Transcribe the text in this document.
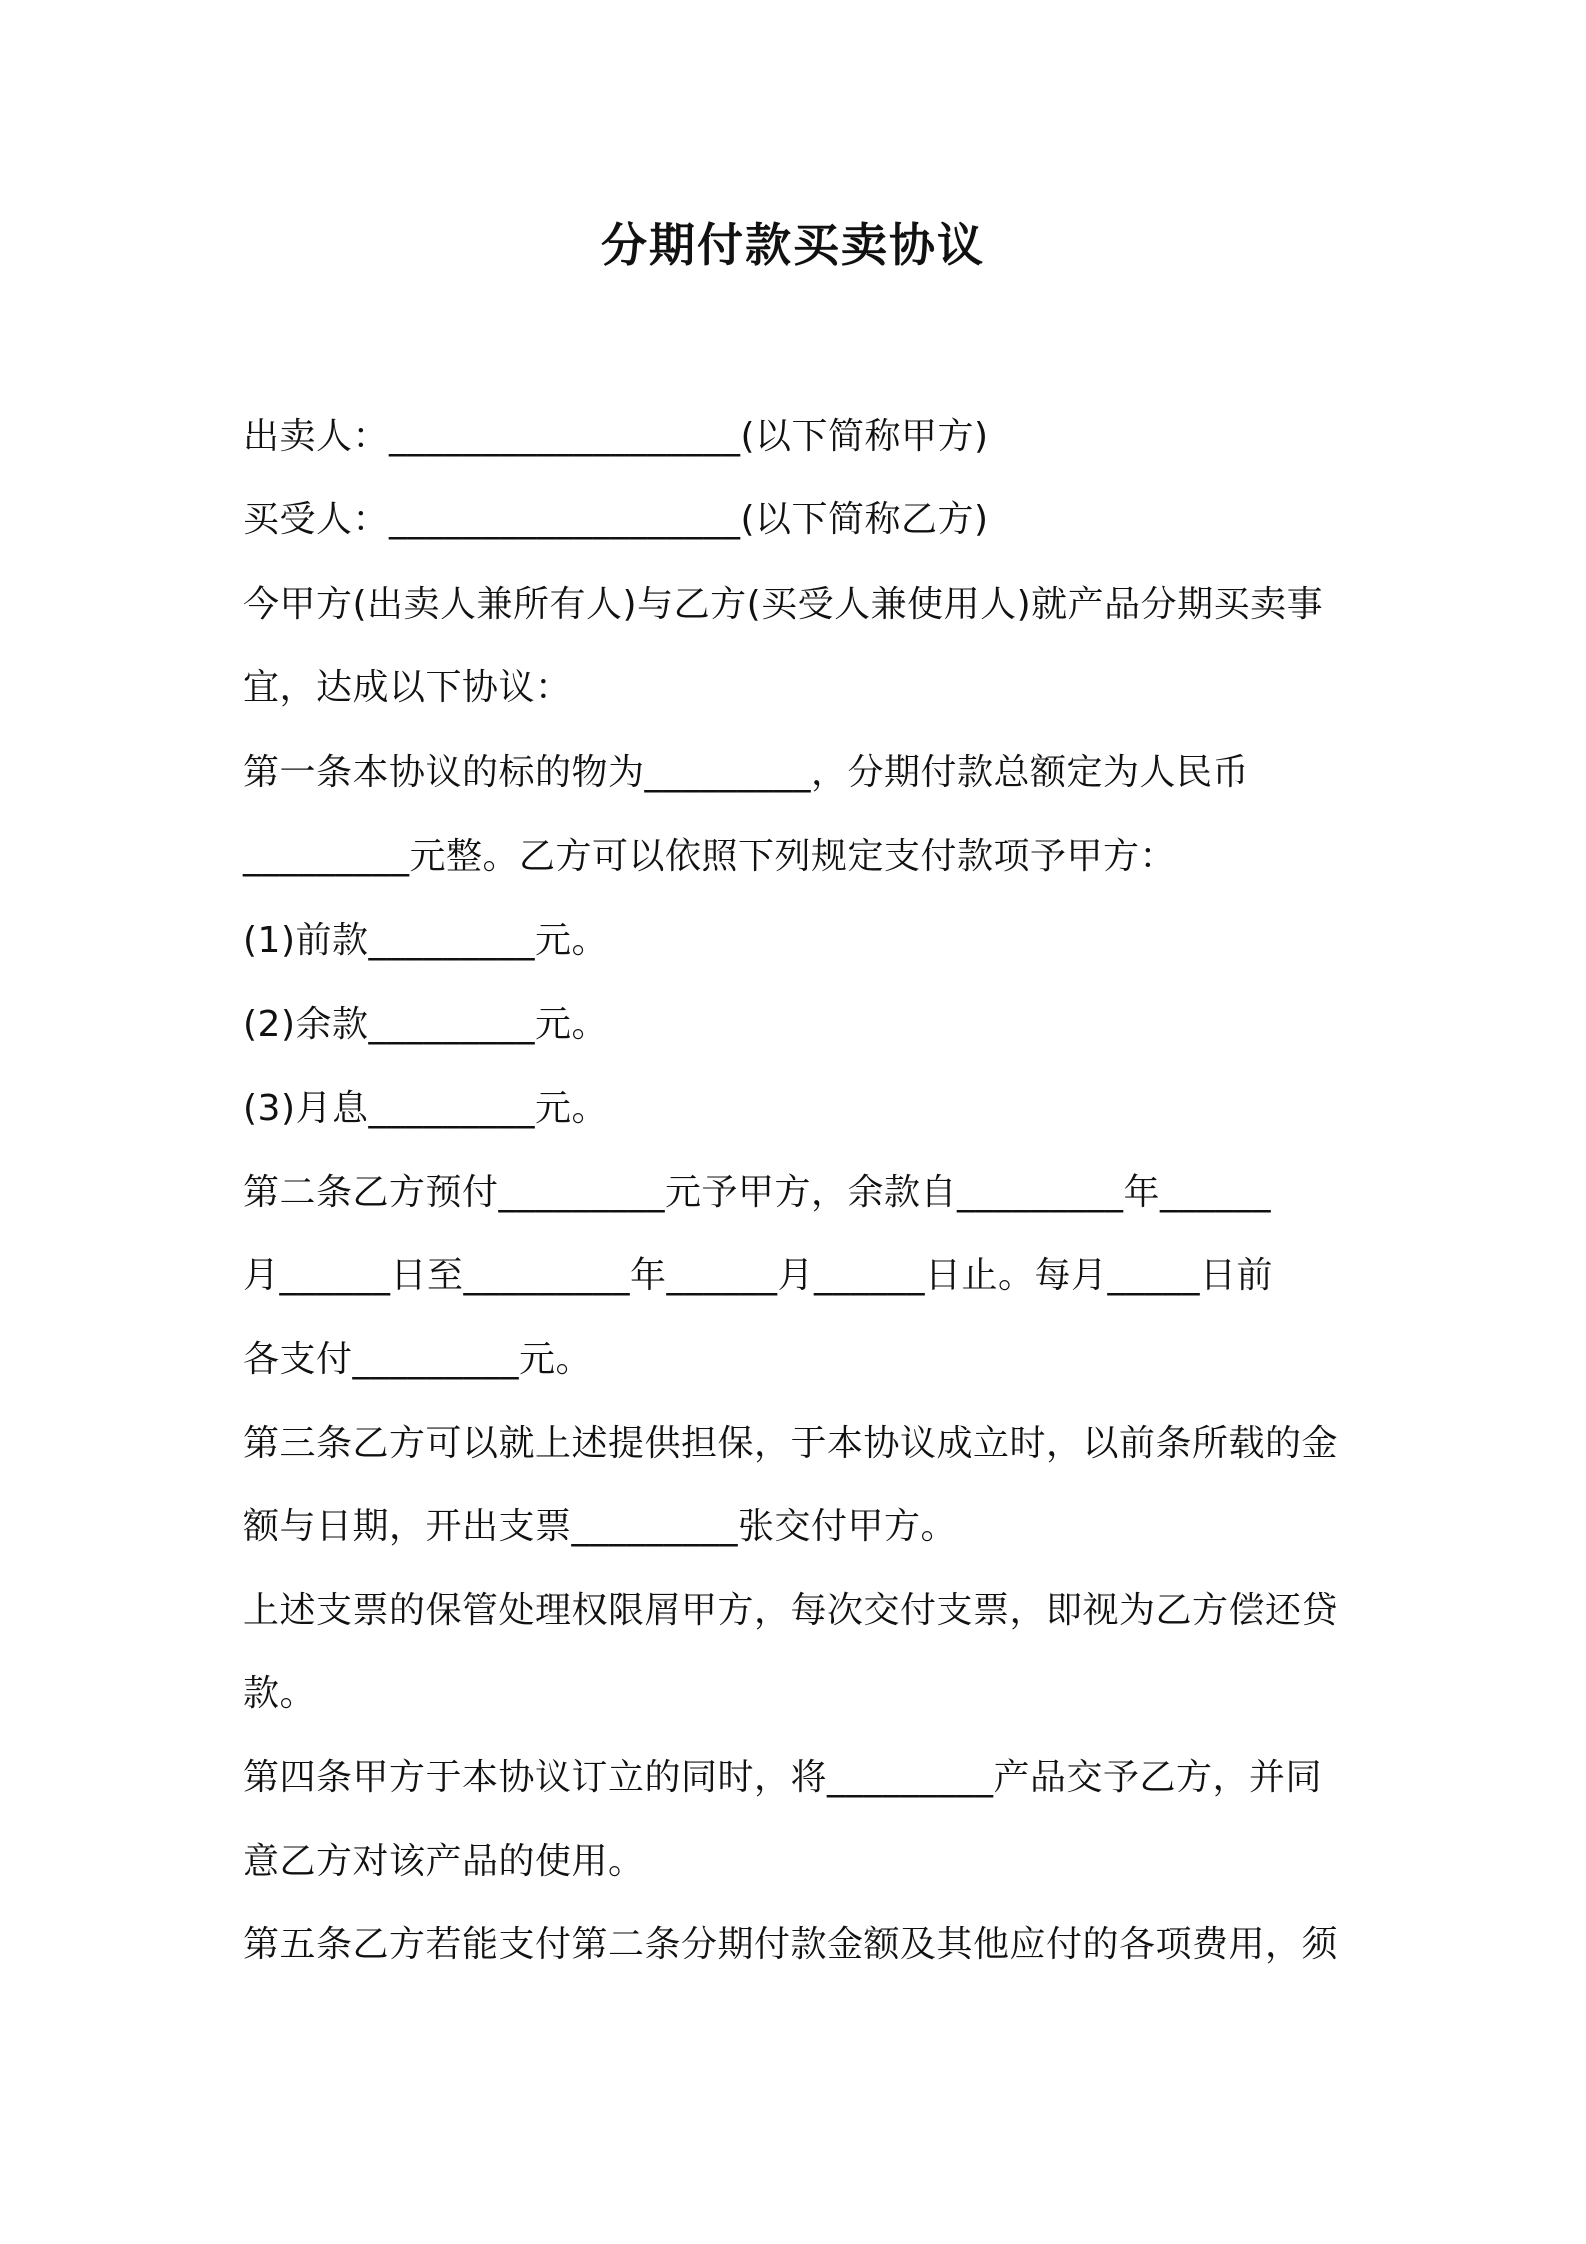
分期付款买卖协议
出卖人：___________________(以下简称甲方)
买受人：___________________(以下简称乙方)
今甲方(出卖人兼所有人)与乙方(买受人兼使用人)就产品分期买卖事
宜，达成以下协议：
第一条本协议的标的物为_________，分期付款总额定为人民币
_________元整。乙方可以依照下列规定支付款项予甲方：
(1)前款_________元。
(2)余款_________元。
(3)月息_________元。
第二条乙方预付_________元予甲方，余款自_________年______
月______日至_________年______月______日止。每月_____日前
各支付_________元。
第三条乙方可以就上述提供担保，于本协议成立时，以前条所载的金
额与日期，开出支票_________张交付甲方。
上述支票的保管处理权限屑甲方，每次交付支票，即视为乙方偿还贷
款。
第四条甲方于本协议订立的同时，将_________产品交予乙方，并同
意乙方对该产品的使用。
第五条乙方若能支付第二条分期付款金额及其他应付的各项费用，须
